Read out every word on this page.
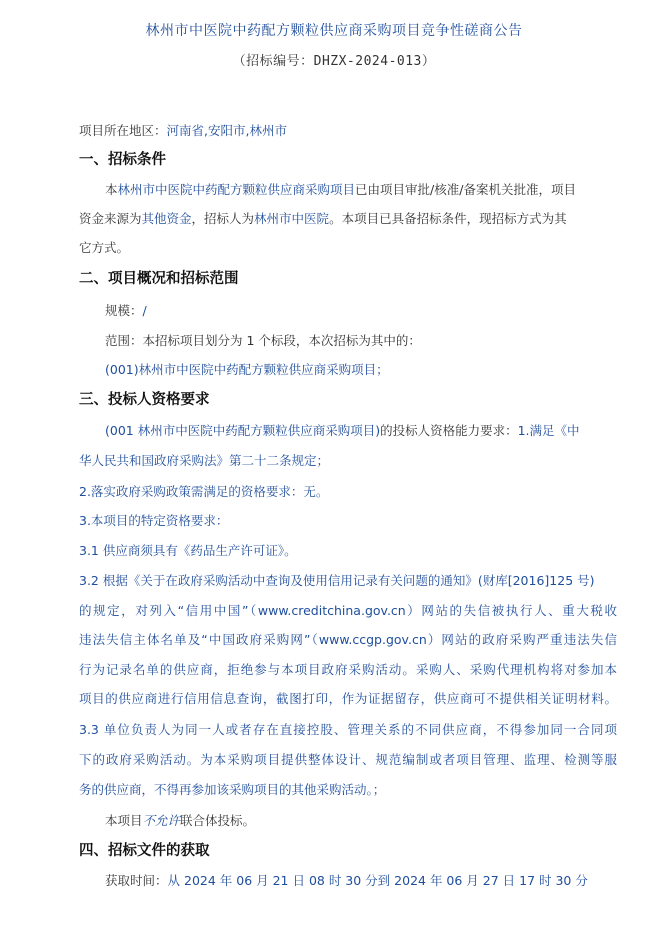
林州市中医院中药配方颗粒供应商采购项目竞争性磋商公告
（招标编号：DHZX-2024-013）
项目所在地区：河南省,安阳市,林州市
一、招标条件
本林州市中医院中药配方颗粒供应商采购项目已由项目审批/核准/备案机关批准，项目
资金来源为其他资金，招标人为林州市中医院。本项目已具备招标条件，现招标方式为其
它方式。
二、项目概况和招标范围
规模：/
范围：本招标项目划分为 1 个标段，本次招标为其中的：
(001)林州市中医院中药配方颗粒供应商采购项目；
三、投标人资格要求
(001 林州市中医院中药配方颗粒供应商采购项目)的投标人资格能力要求：1.满足《中
华人民共和国政府采购法》第二十二条规定；
2.落实政府采购政策需满足的资格要求：无。
3.本项目的特定资格要求：
3.1 供应商须具有《药品生产许可证》。
3.2 根据《关于在政府采购活动中查询及使用信用记录有关问题的通知》(财库[2016]125 号)
的规定，对列入“信用中国”（www.creditchina.gov.cn）网站的失信被执行人、重大税收
违法失信主体名单及“中国政府采购网”（www.ccgp.gov.cn）网站的政府采购严重违法失信
行为记录名单的供应商，拒绝参与本项目政府采购活动。采购人、采购代理机构将对参加本
项目的供应商进行信用信息查询，截图打印，作为证据留存，供应商可不提供相关证明材料。
3.3 单位负责人为同一人或者存在直接控股、管理关系的不同供应商，不得参加同一合同项
下的政府采购活动。为本采购项目提供整体设计、规范编制或者项目管理、监理、检测等服
务的供应商，不得再参加该采购项目的其他采购活动。；
本项目不允许联合体投标。
四、招标文件的获取
获取时间：从 2024 年 06 月 21 日 08 时 30 分到 2024 年 06 月 27 日 17 时 30 分
